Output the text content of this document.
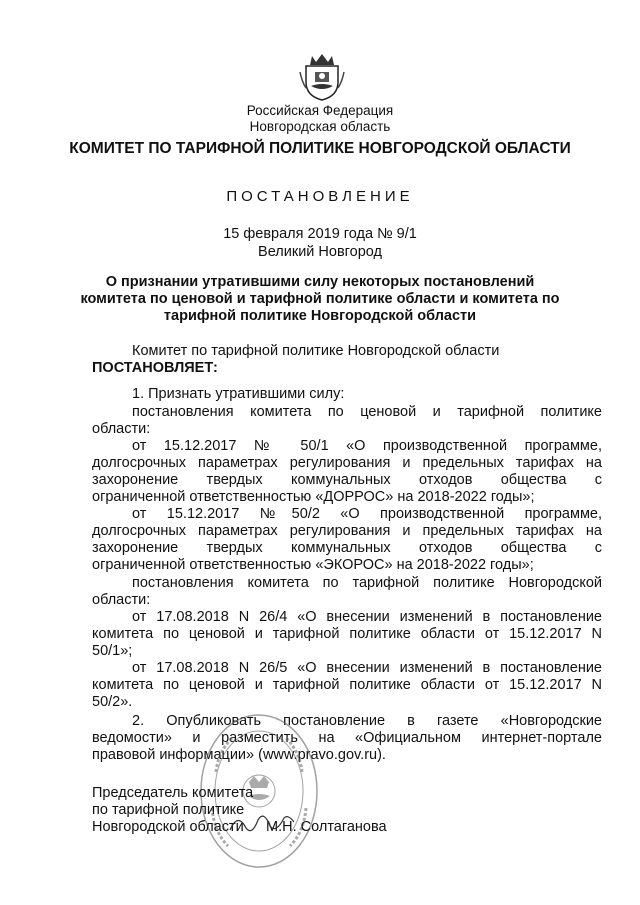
Российская Федерация
Новгородская область
КОМИТЕТ ПО ТАРИФНОЙ ПОЛИТИКЕ НОВГОРОДСКОЙ ОБЛАСТИ
ПОСТАНОВЛЕНИЕ
15 февраля 2019 года № 9/1
Великий Новгород
О признании утратившими силу некоторых постановлений
комитета по ценовой и тарифной политике области и комитета по
тарифной политике Новгородской области
Комитет по тарифной политике Новгородской области
ПОСТАНОВЛЯЕТ:
1. Признать утратившими силу:
постановления комитета по ценовой и тарифной политике
области:
от 15.12.2017 № 50/1 «О производственной программе,
долгосрочных параметрах регулирования и предельных тарифах на
захоронение твердых коммунальных отходов общества с
ограниченной ответственностью «ДОРРОС» на 2018-2022 годы»;
от 15.12.2017 №50/2 «О производственной программе,
долгосрочных параметрах регулирования и предельных тарифах на
захоронение твердых коммунальных отходов общества с
ограниченной ответственностью «ЭКОРОС» на 2018-2022 годы»;
постановления комитета по тарифной политике Новгородской
области:
от 17.08.2018 N 26/4 «О внесении изменений в постановление
комитета по ценовой и тарифной политике области от 15.12.2017 N
50/1»;
от 17.08.2018 N 26/5 «О внесении изменений в постановление
комитета по ценовой и тарифной политике области от 15.12.2017 N
50/2».
2. Опубликовать постановление в газете «Новгородские
ведомости» и разместить на «Официальном интернет-портале
правовой информации» (www.pravo.gov.ru).
Председатель комитета
по тарифной политике
Новгородской области М.Н. Солтаганова
